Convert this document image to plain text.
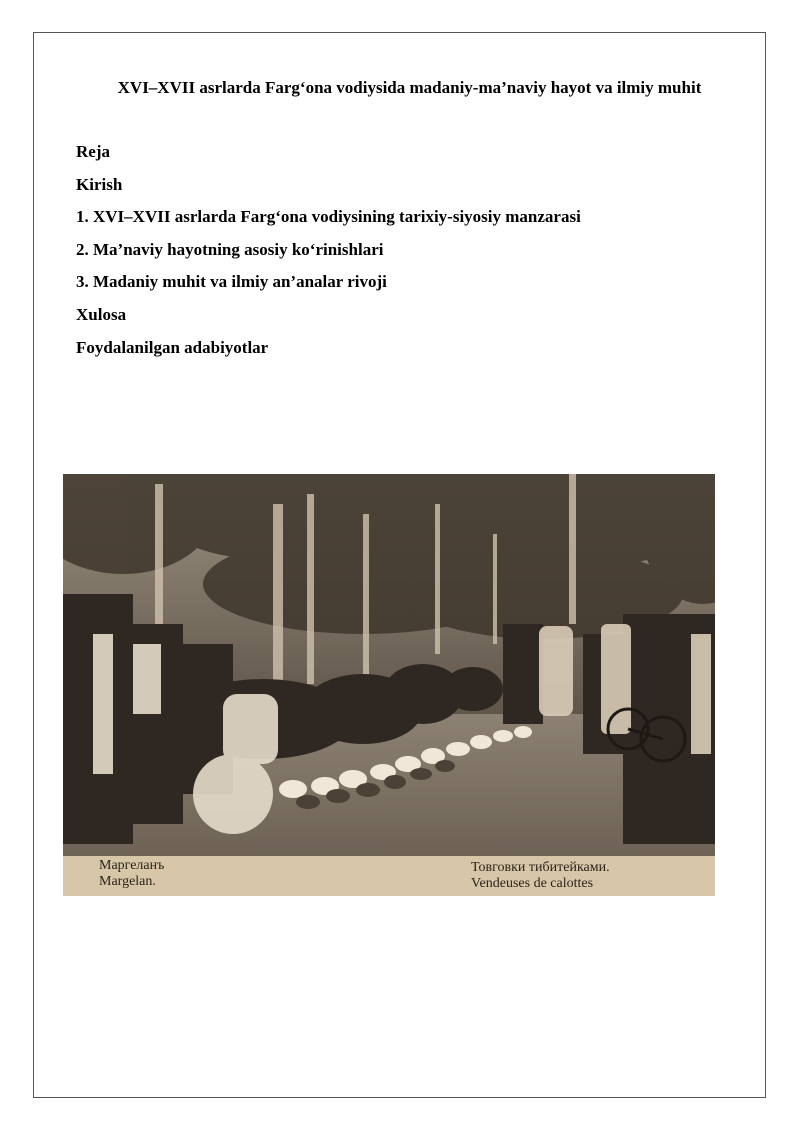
XVI–XVII asrlarda Farg‘ona vodiysida madaniy-ma’naviy hayot va ilmiy muhit
Reja
Kirish
1. XVI–XVII asrlarda Farg‘ona vodiysining tarixiy-siyosiy manzarasi
2. Ma’naviy hayotning asosiy ko‘rinishlari
3. Madaniy muhit va ilmiy an’analar rivoji
Xulosa
Foydalanilgan adabiyotlar
Маргеланъ
Margelan.
Товговки тибитейками.
Vendeuses de calottes
